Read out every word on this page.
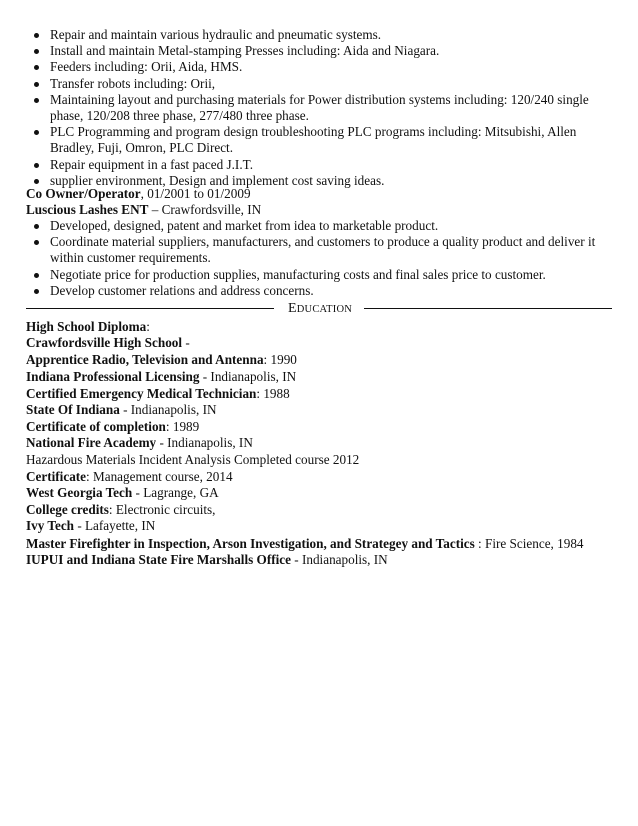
Repair and maintain various hydraulic and pneumatic systems.
Install and maintain Metal-stamping Presses including: Aida and Niagara.
Feeders including: Orii, Aida, HMS.
Transfer robots including: Orii,
Maintaining layout and purchasing materials for Power distribution systems including: 120/240 single phase, 120/208 three phase, 277/480 three phase.
PLC Programming and program design troubleshooting PLC programs including: Mitsubishi, Allen Bradley, Fuji, Omron, PLC Direct.
Repair equipment in a fast paced J.I.T.
supplier environment, Design and implement cost saving ideas.
Co Owner/Operator, 01/2001 to 01/2009
Luscious Lashes ENT – Crawfordsville, IN
Developed, designed, patent and market from idea to marketable product.
Coordinate material suppliers, manufacturers, and customers to produce a quality product and deliver it within customer requirements.
Negotiate price for production supplies, manufacturing costs and final sales price to customer.
Develop customer relations and address concerns.
EDUCATION
High School Diploma:
Crawfordsville High School -
Apprentice Radio, Television and Antenna: 1990
Indiana Professional Licensing - Indianapolis, IN
Certified Emergency Medical Technician: 1988
State Of Indiana - Indianapolis, IN
Certificate of completion: 1989
National Fire Academy - Indianapolis, IN
Hazardous Materials Incident Analysis Completed course 2012
Certificate: Management course, 2014
West Georgia Tech - Lagrange, GA
College credits: Electronic circuits,
Ivy Tech - Lafayette, IN
Master Firefighter in Inspection, Arson Investigation, and Strategey and Tactics : Fire Science, 1984
IUPUI and Indiana State Fire Marshalls Office - Indianapolis, IN
